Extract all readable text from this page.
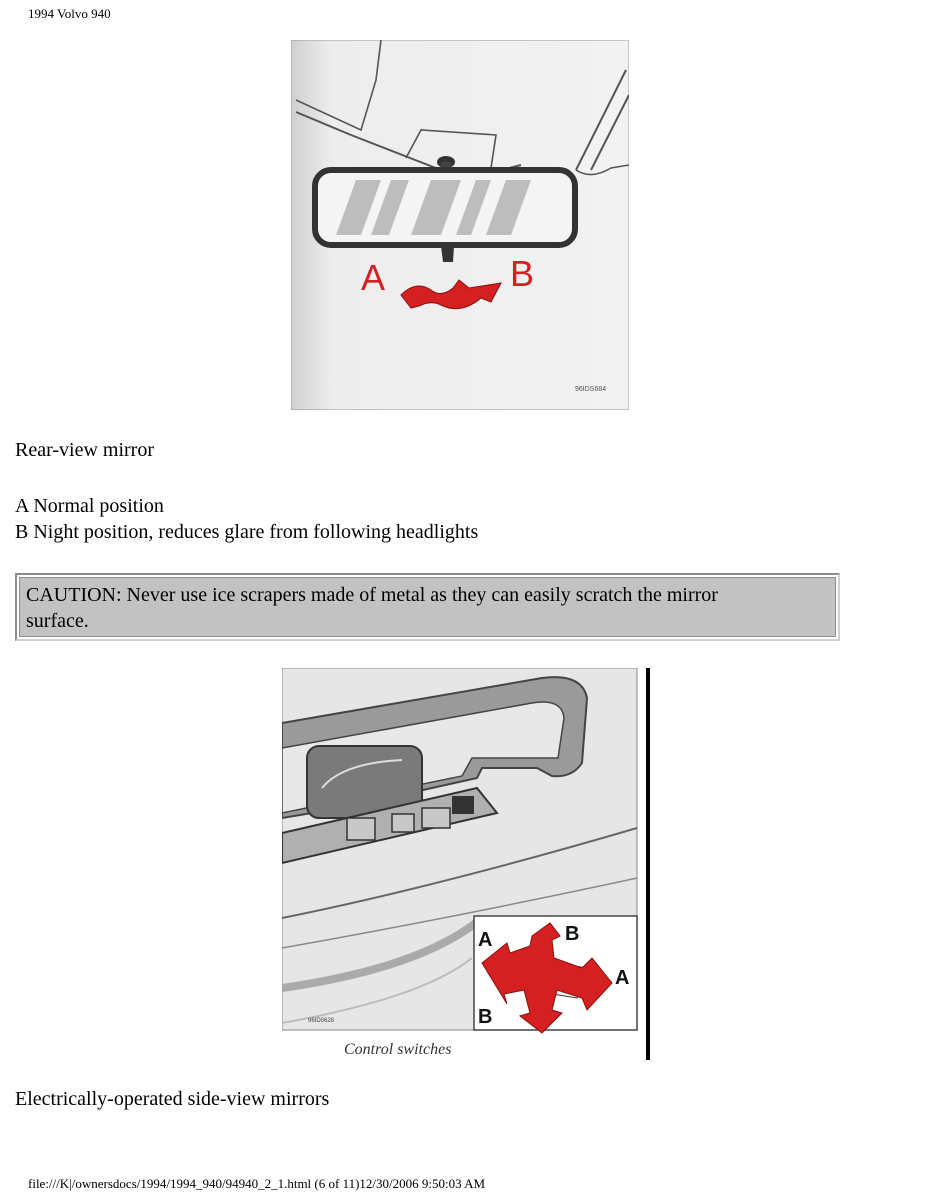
1994 Volvo 940
A	B
96IDS684
Rear-view mirror
A Normal position
B Night position, reduces glare from following headlights
CAUTION: Never use ice scrapers made of metal as they can easily scratch the mirror
surface.
96ID0628
A	B
A
B
Control switches
Electrically-operated side-view mirrors
file:///K|/ownersdocs/1994/1994_940/94940_2_1.html (6 of 11)12/30/2006 9:50:03 AM
